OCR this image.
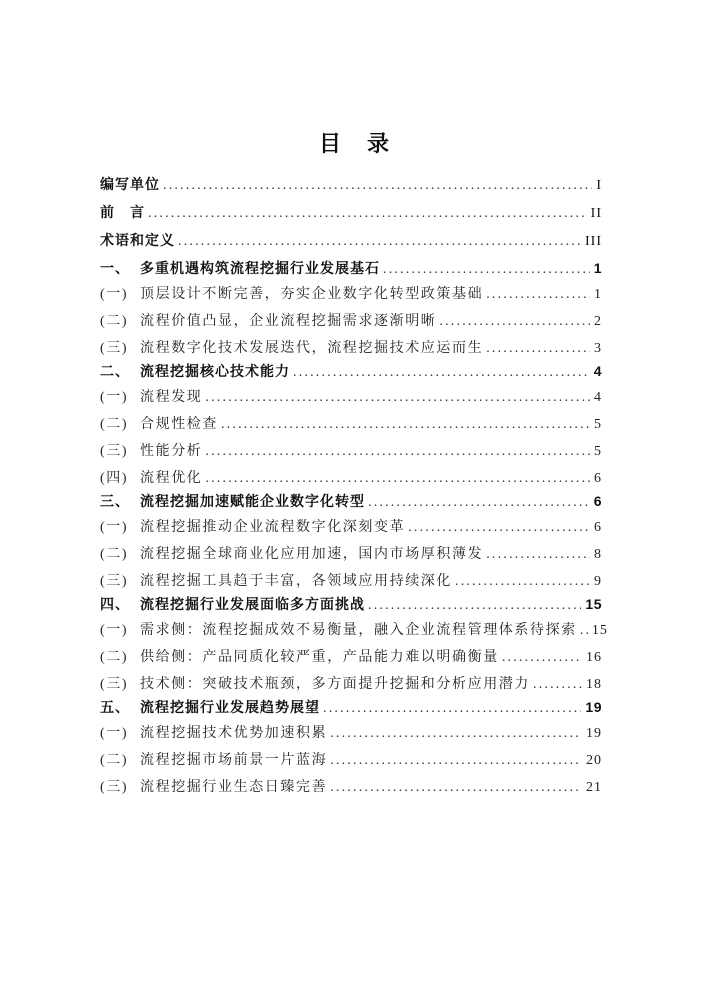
目　录
编写单位 .....	I
前　言 .....	II
术语和定义 .....	III
一、 多重机遇构筑流程挖掘行业发展基石 .....	1
(一) 顶层设计不断完善，夯实企业数字化转型政策基础 .....	1
(二) 流程价值凸显，企业流程挖掘需求逐渐明晰 .....	2
(三) 流程数字化技术发展迭代，流程挖掘技术应运而生 .....	3
二、 流程挖掘核心技术能力 .....	4
(一) 流程发现 .....	4
(二) 合规性检查 .....	5
(三) 性能分析 .....	5
(四) 流程优化 .....	6
三、 流程挖掘加速赋能企业数字化转型 .....	6
(一) 流程挖掘推动企业流程数字化深刻变革 .....	6
(二) 流程挖掘全球商业化应用加速，国内市场厚积薄发 .....	8
(三) 流程挖掘工具趋于丰富，各领域应用持续深化 .....	9
四、 流程挖掘行业发展面临多方面挑战 .....	15
(一) 需求侧：流程挖掘成效不易衡量，融入企业流程管理体系待探索 ..... 15
(二) 供给侧：产品同质化较严重，产品能力难以明确衡量 .....	16
(三) 技术侧：突破技术瓶颈，多方面提升挖掘和分析应用潜力 .....	18
五、 流程挖掘行业发展趋势展望 .....	19
(一) 流程挖掘技术优势加速积累 .....	19
(二) 流程挖掘市场前景一片蓝海 .....	20
(三) 流程挖掘行业生态日臻完善 .....	21
